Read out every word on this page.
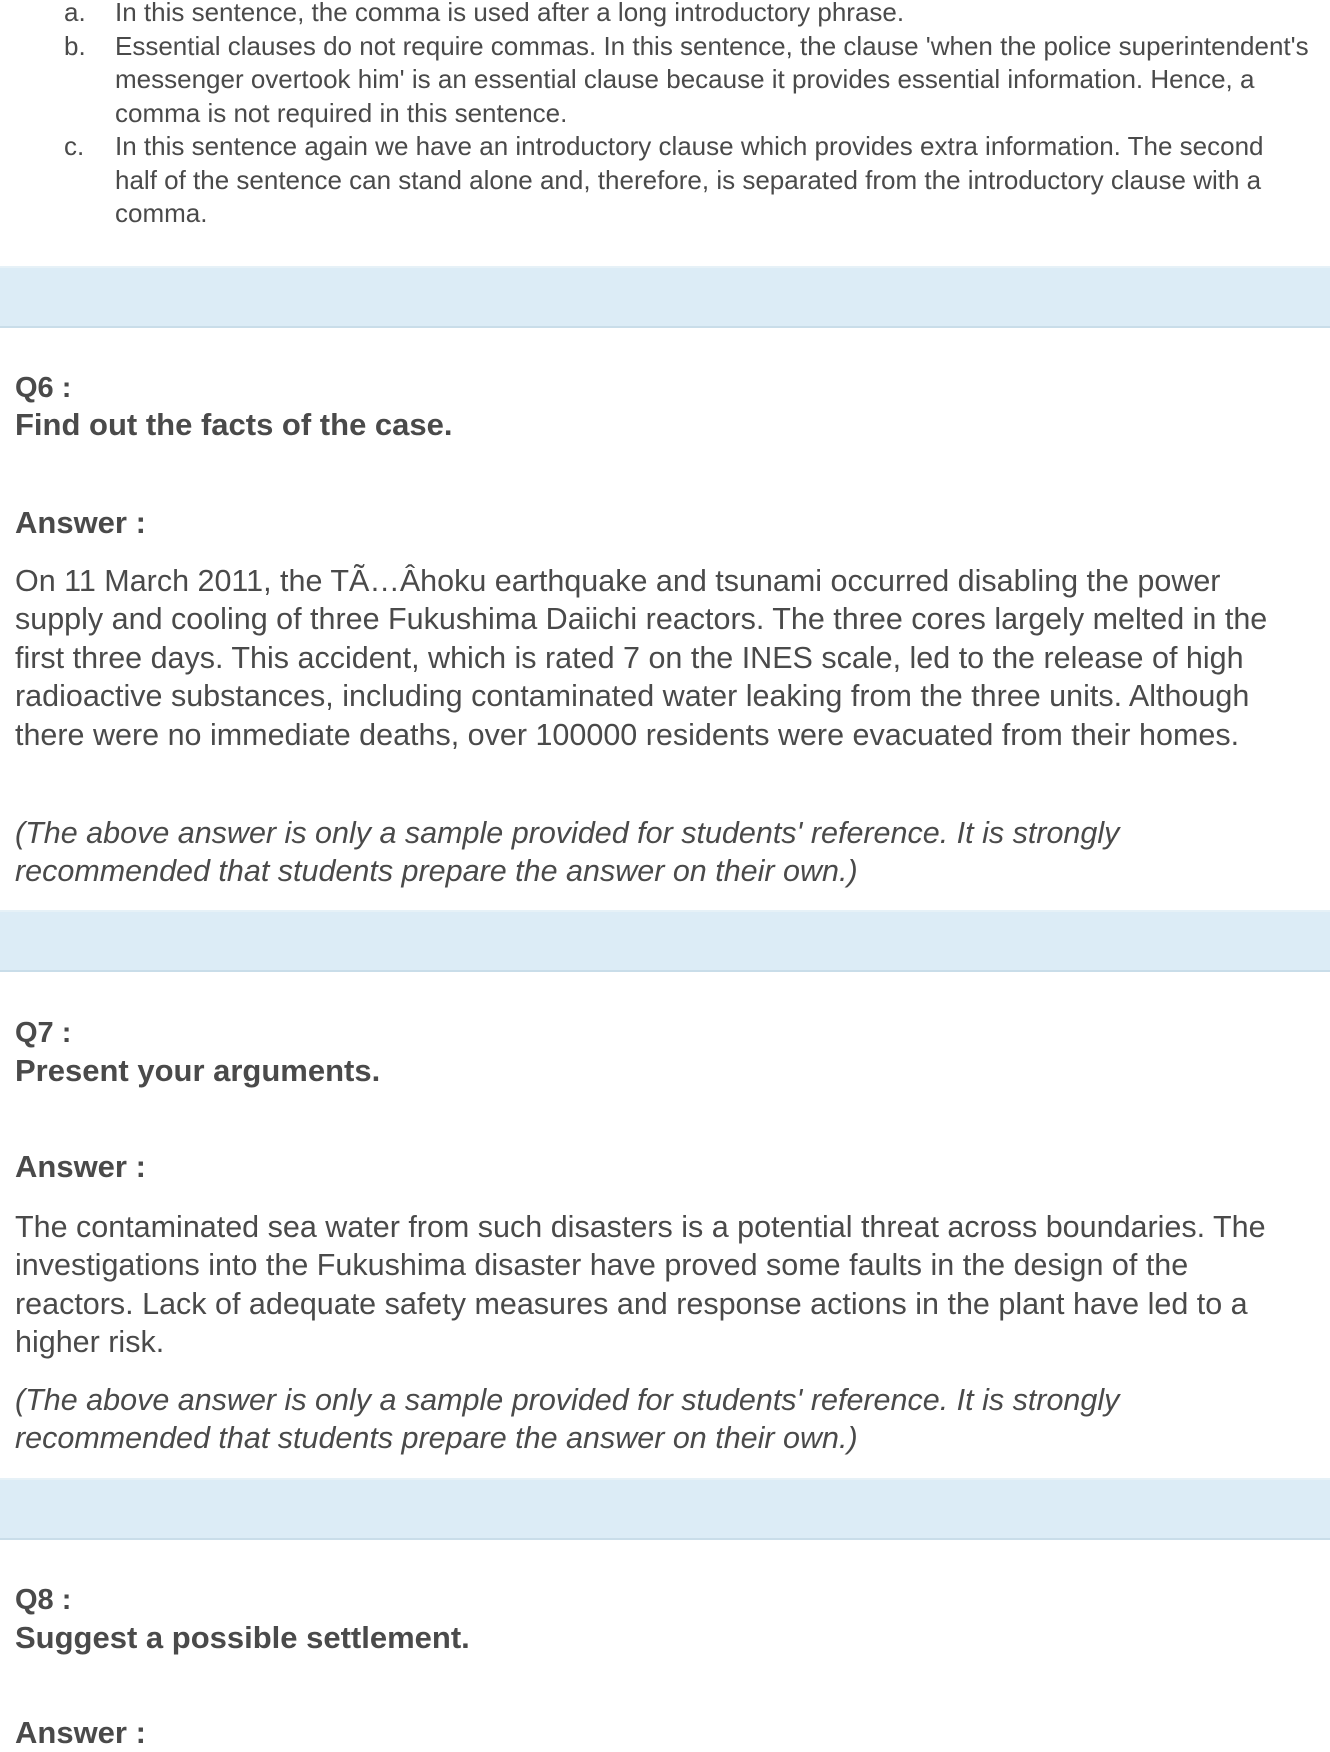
a. In this sentence, the comma is used after a long introductory phrase.
b. Essential clauses do not require commas. In this sentence, the clause 'when the police superintendent's messenger overtook him' is an essential clause because it provides essential information. Hence, a comma is not required in this sentence.
c. In this sentence again we have an introductory clause which provides extra information. The second half of the sentence can stand alone and, therefore, is separated from the introductory clause with a comma.
Q6 :
Find out the facts of the case.
Answer :
On 11 March 2011, the TÃ…Âhoku earthquake and tsunami occurred disabling the power supply and cooling of three Fukushima Daiichi reactors. The three cores largely melted in the first three days. This accident, which is rated 7 on the INES scale, led to the release of high radioactive substances, including contaminated water leaking from the three units. Although there were no immediate deaths, over 100000 residents were evacuated from their homes.
(The above answer is only a sample provided for students' reference. It is strongly recommended that students prepare the answer on their own.)
Q7 :
Present your arguments.
Answer :
The contaminated sea water from such disasters is a potential threat across boundaries. The investigations into the Fukushima disaster have proved some faults in the design of the reactors. Lack of adequate safety measures and response actions in the plant have led to a higher risk.
(The above answer is only a sample provided for students' reference. It is strongly recommended that students prepare the answer on their own.)
Q8 :
Suggest a possible settlement.
Answer :
